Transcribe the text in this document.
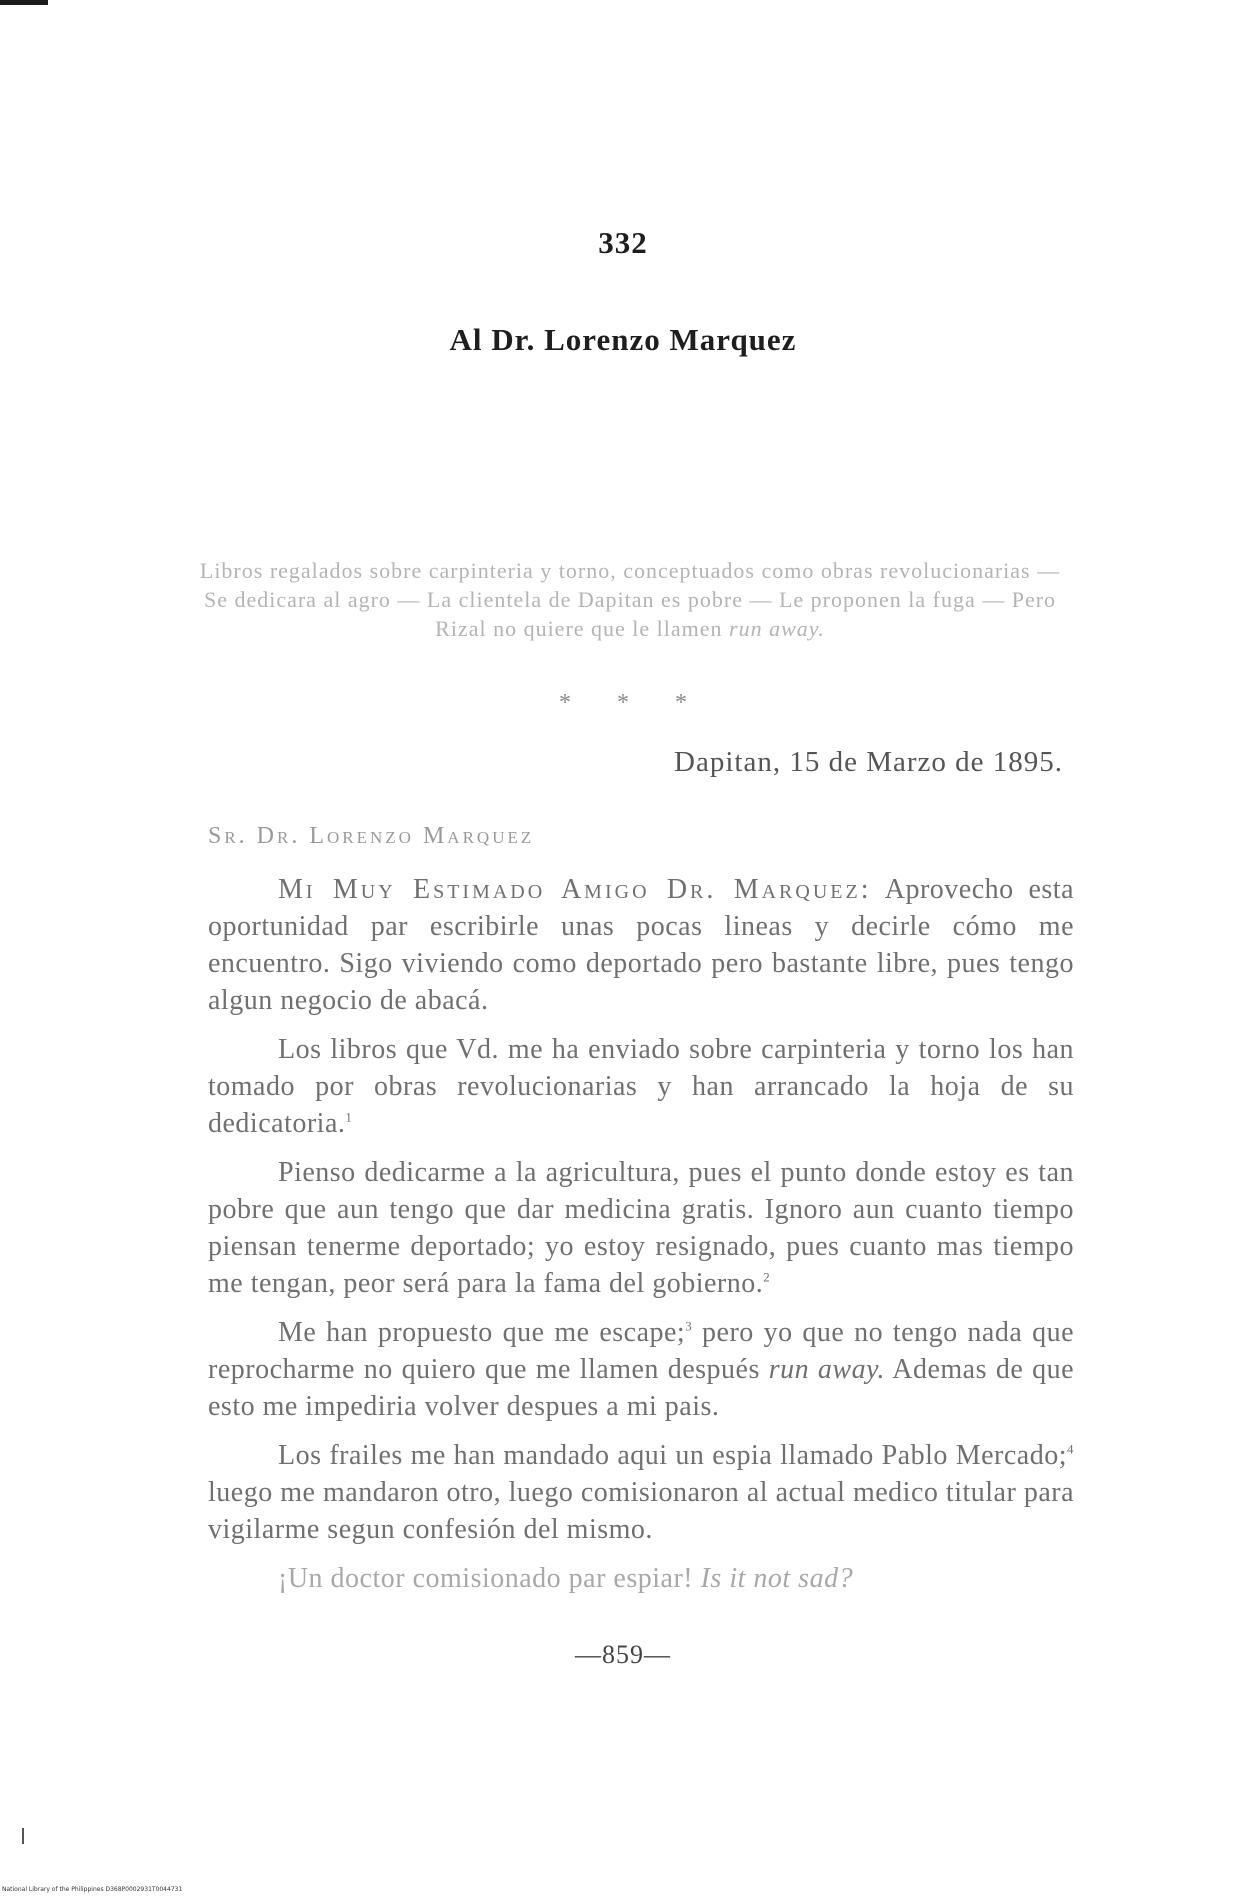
332
Al Dr. Lorenzo Marquez
Libros regalados sobre carpinteria y torno, conceptuados como obras revolucionarias — Se dedicara al agro — La clientela de Dapitan es pobre — Le proponen la fuga — Pero Rizal no quiere que le llamen run away.
* * *
Dapitan, 15 de Marzo de 1895.
Sr. Dr. Lorenzo Marquez

Mi Muy Estimado Amigo Dr. Marquez: Aprovecho esta oportunidad par escribirle unas pocas lineas y decirle cómo me encuentro. Sigo viviendo como deportado pero bastante libre, pues tengo algun negocio de abacá.

Los libros que Vd. me ha enviado sobre carpinteria y torno los han tomado por obras revolucionarias y han arrancado la hoja de su dedicatoria.$^1$

Pienso dedicarme a la agricultura, pues el punto donde estoy es tan pobre que aun tengo que dar medicina gratis. Ignoro aun cuanto tiempo piensan tenerme deportado; yo estoy resignado, pues cuanto mas tiempo me tengan, peor será para la fama del gobierno.$^2$

Me han propuesto que me escape;$^3$ pero yo que no tengo nada que reprocharme no quiero que me llamen después run away. Ademas de que esto me impediria volver despues a mi pais.

Los frailes me han mandado aqui un espia llamado Pablo Mercado;$^4$ luego me mandaron otro, luego comisionaron al actual medico titular para vigilarme segun confesión del mismo.

¡Un doctor comisionado par espiar! Is it not sad?

—859—
National Library of the Philippines D368P0002931T0044731
